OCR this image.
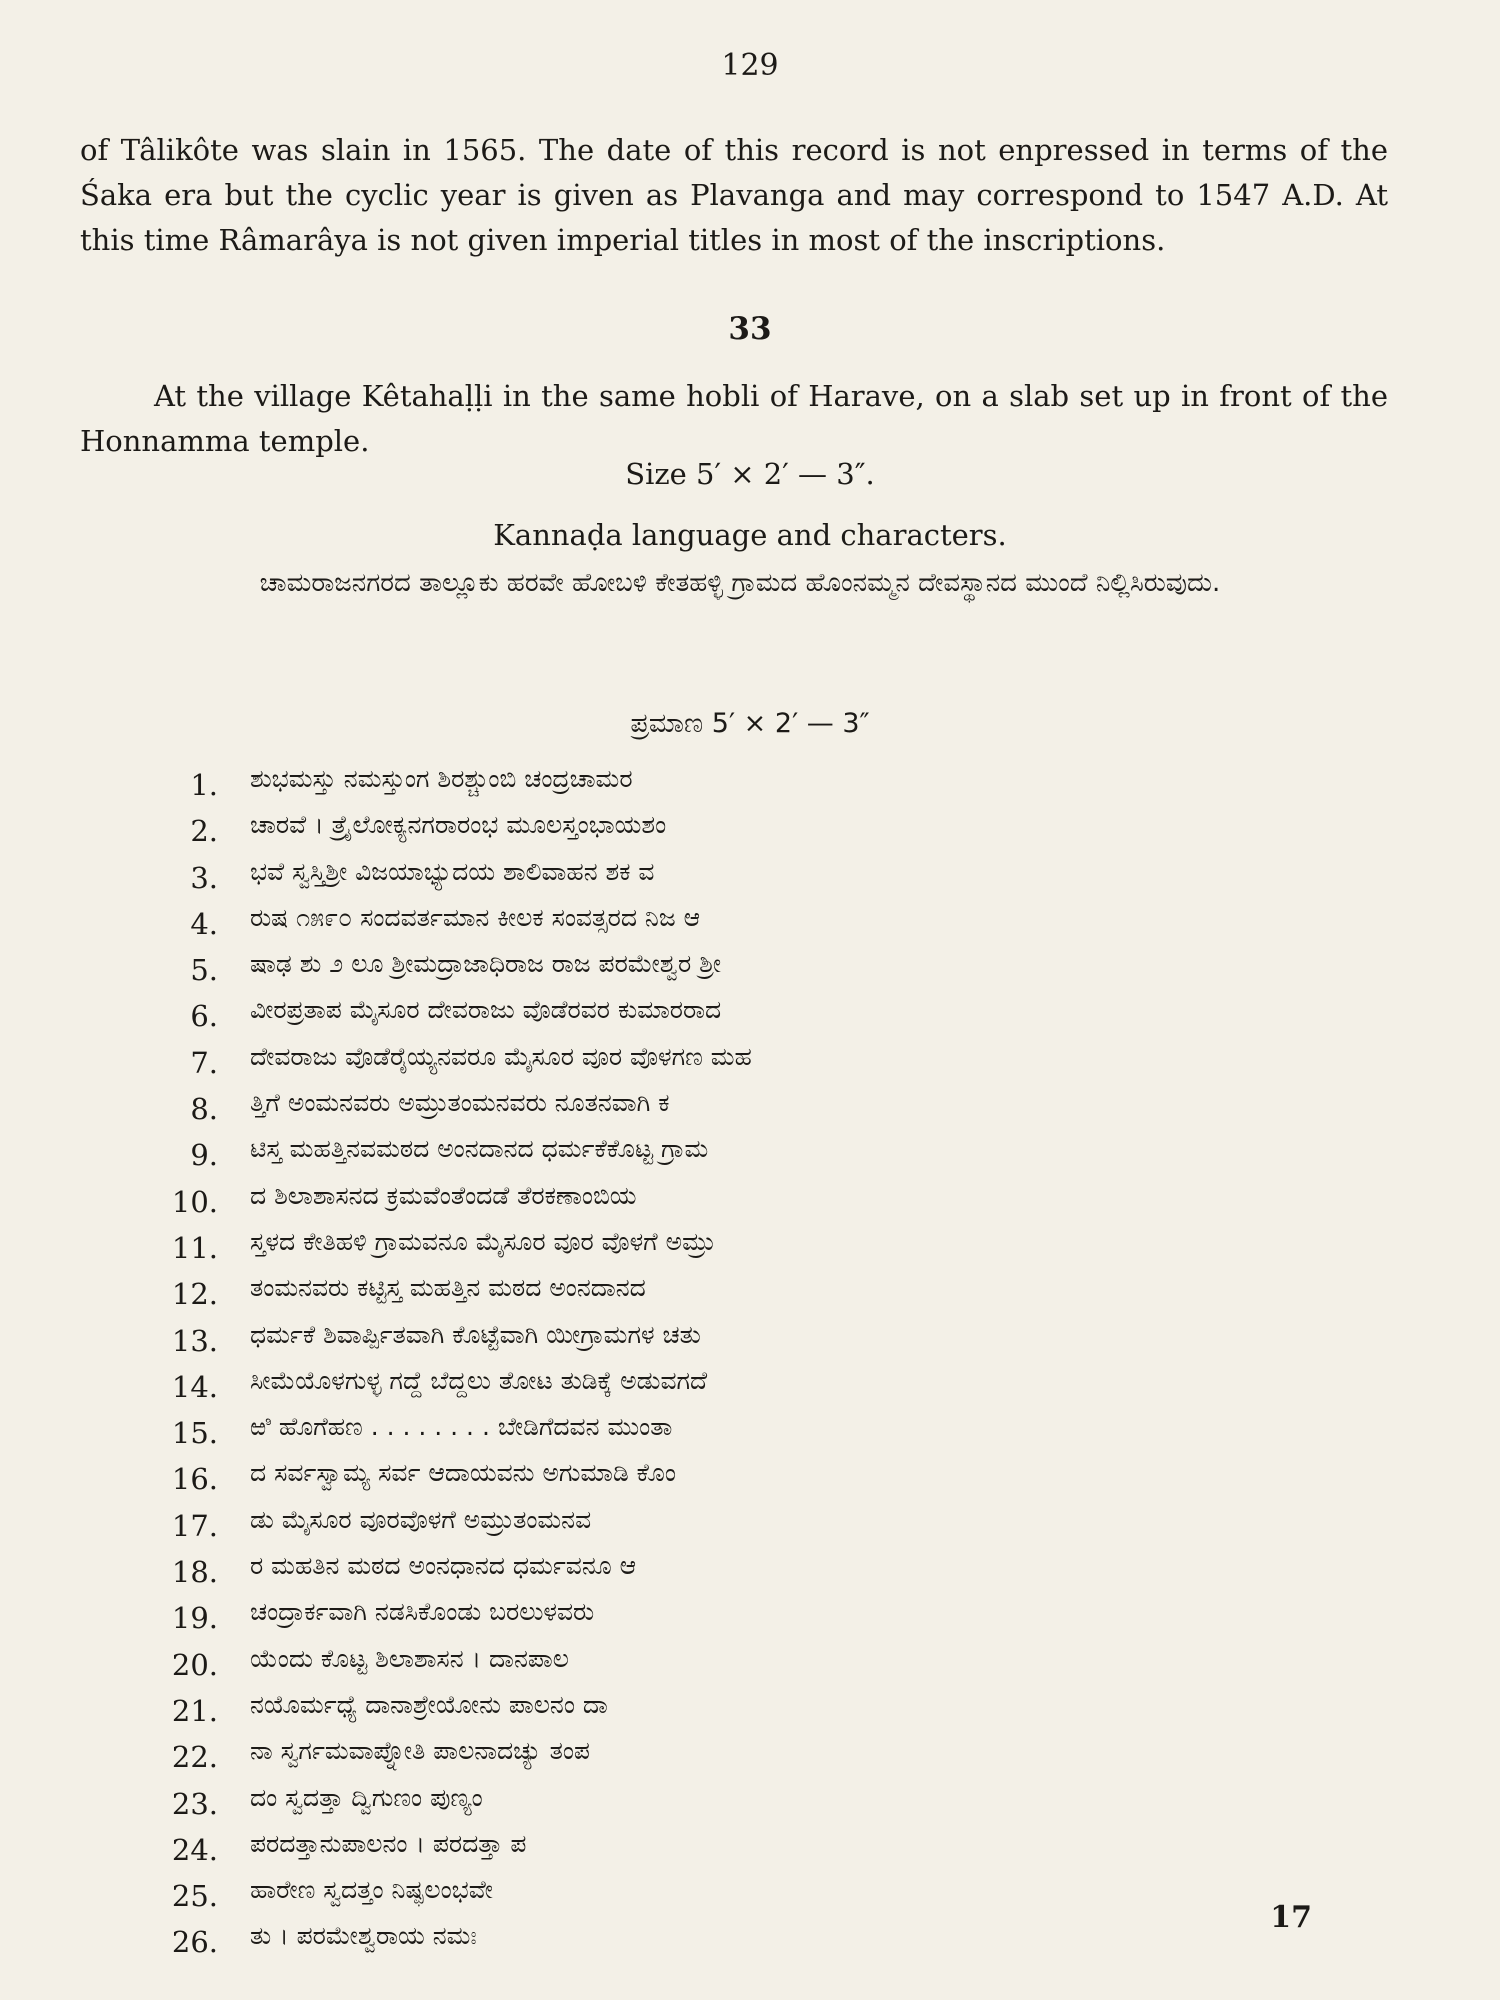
129

of Tâlikôte was slain in 1565. The date of this record is not enpressed in terms of the Śaka era but the cyclic year is given as Plavanga and may correspond to 1547 A.D. At this time Râmarâya is not given imperial titles in most of the inscriptions.

33

At the village Kêtahaḷḷi in the same hobli of Harave, on a slab set up in front of the Honnamma temple.

Size 5′ × 2′ — 3″.
Kannaḍa language and characters.
ಚಾಮರಾಜನಗರದ ತಾಲ್ಲೂಕು ಹರವೇ ಹೋಬಳಿ ಕೇತಹಳ್ಳಿ ಗ್ರಾಮದ ಹೊಂನಮ್ಮನ ದೇವಸ್ಥಾನದ ಮುಂದೆ ನಿಲ್ಲಿಸಿರುವುದು.
ಪ್ರಮಾಣ 5′ × 2′ — 3″
1. ಶುಭಮಸ್ತು ನಮಸ್ತುಂಗ ಶಿರಶ್ಚುಂಬಿ ಚಂದ್ರಚಾಮರ
2. ಚಾರವೆ । ತ್ರೈಲೋಕ್ಯನಗರಾರಂಭ ಮೂಲಸ್ತಂಭಾಯಶಂ
3. ಭವೆ ಸ್ವಸ್ತಿಶ್ರೀ ವಿಜಯಾಭ್ಯುದಯ ಶಾಲಿವಾಹನ ಶಕ ವ
4. ರುಷ ೧೫೯೦ ಸಂದವರ್ತಮಾನ ಕೀಲಕ ಸಂವತ್ಸರದ ನಿಜ ಆ
5. ಷಾಢ ಶು ೨ ಲೂ ಶ್ರೀಮದ್ರಾಜಾಧಿರಾಜ ರಾಜ ಪರಮೇಶ್ವರ ಶ್ರೀ
6. ವೀರಪ್ರತಾಪ ಮೈಸೂರ ದೇವರಾಜು ವೊಡೆರವರ ಕುಮಾರರಾದ
7. ದೇವರಾಜು ವೊಡೆರೈಯ್ಯನವರೂ ಮೈಸೂರ ವೂರ ವೊಳಗಣ ಮಹ
8. ತ್ತಿಗೆ ಅಂಮನವರು ಅಮ್ರುತಂಮನವರು ನೂತನವಾಗಿ ಕ
9. ಟಿಸ್ತ ಮಹತ್ತಿನವಮಠದ ಅಂನದಾನದ ಧರ್ಮಕೆಕೊಟ್ಟ ಗ್ರಾಮ
10. ದ ಶಿಲಾಶಾಸನದ ಕ್ರಮವೆಂತೆಂದಡೆ ತೆರಕಣಾಂಬಿಯ
11. ಸ್ತಳದ ಕೇತಿಹಳಿ ಗ್ರಾಮವನೂ ಮೈಸೂರ ವೂರ ವೊಳಗೆ ಅಮ್ರು
12. ತಂಮನವರು ಕಟ್ಟಿಸ್ತ ಮಹತ್ತಿನ ಮಠದ ಅಂನದಾನದ
13. ಧರ್ಮಕೆ ಶಿವಾರ್ಪ್ಪಿತವಾಗಿ ಕೊಟ್ಟೆವಾಗಿ ಯೀಗ್ರಾಮಗಳ ಚತು
14. ಸೀಮೆಯೊಳಗುಳ್ಳ ಗದ್ದೆ ಬೆದ್ದಲು ತೋಟ ತುಡಿಕ್ಕೆ ಅಡುವಗದೆ
15. ಱಿ ಹೊಗೆಹಣ . . . . . . . . ಬೇಡಿಗೆದವನ ಮುಂತಾ
16. ದ ಸರ್ವಸ್ವಾಮ್ಯ ಸರ್ವ ಆದಾಯವನು ಅಗುಮಾಡಿ ಕೊಂ
17. ಡು ಮೈಸೂರ ವೂರವೊಳಗೆ ಅಮ್ರುತಂಮನವ
18. ರ ಮಹತಿನ ಮಠದ ಅಂನಧಾನದ ಧರ್ಮವನೂ ಆ
19. ಚಂದ್ರಾರ್ಕವಾಗಿ ನಡಸಿಕೊಂಡು ಬರಲುಳವರು
20. ಯೆಂದು ಕೊಟ್ಟ ಶಿಲಾಶಾಸನ । ದಾನಪಾಲ
21. ನಯೊರ್ಮಧ್ಯೆ ದಾನಾಶ್ರೇಯೋನು ಪಾಲನಂ ದಾ
22. ನಾ ಸ್ವರ್ಗಮವಾಪ್ನೋತಿ ಪಾಲನಾದಚ್ಯು ತಂಪ
23. ದಂ ಸ್ವದತ್ತಾ ದ್ವಿಗುಣಂ ಪುಣ್ಯಂ
24. ಪರದತ್ತಾನುಪಾಲನಂ । ಪರದತ್ತಾ ಪ
25. ಹಾರೇಣ ಸ್ವದತ್ತಂ ನಿಷ್ಫಲಂಭವೇ
26. ತು । ಪರಮೇಶ್ವರಾಯ ನಮಃ
17
